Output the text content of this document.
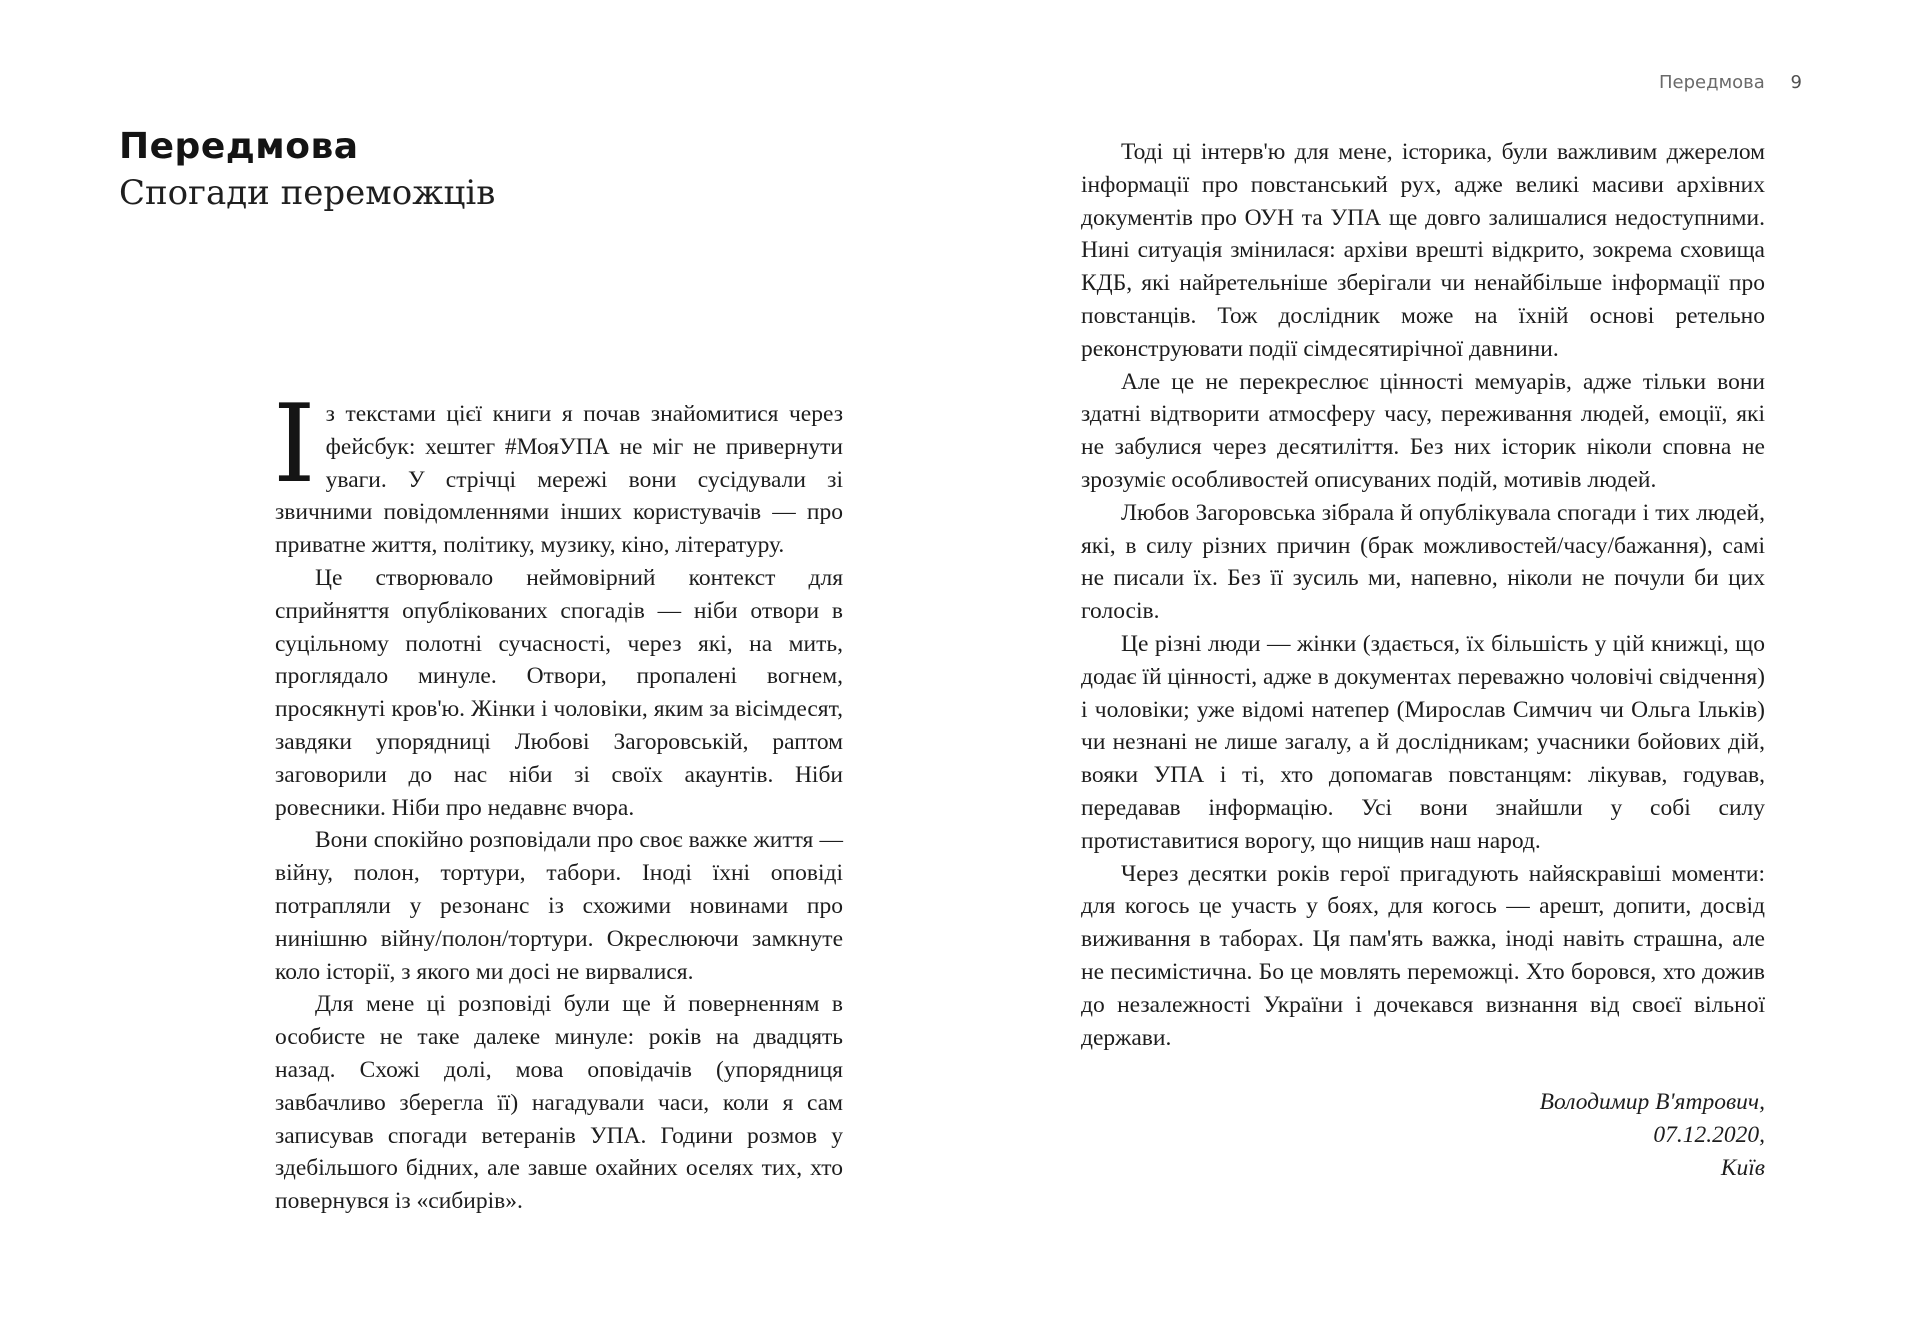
Передмова
Спогади переможців

Із текстами цієї книги я почав знайомитися через фейсбук: хештег #МояУПА не міг не привернути уваги. У стрічці мережі вони сусідували зі звичними повідомленнями інших користувачів — про приватне життя, політику, музику, кіно, літературу.

Це створювало неймовірний контекст для сприйняття опублікованих спогадів — ніби отвори в суцільному полотні сучасності, через які, на мить, проглядало минуле. Отвори, пропалені вогнем, просякнуті кров'ю. Жінки і чоловіки, яким за вісімдесят, завдяки упорядниці Любові Загоровській, раптом заговорили до нас ніби зі своїх акаунтів. Ніби ровесники. Ніби про недавнє вчора.

Вони спокійно розповідали про своє важке життя — війну, полон, тортури, табори. Іноді їхні оповіді потрапляли у резонанс із схожими новинами про нинішню війну/полон/тортури. Окреслюючи замкнуте коло історії, з якого ми досі не вирвалися.

Для мене ці розповіді були ще й поверненням в особисте не таке далеке минуле: років на двадцять назад. Схожі долі, мова оповідачів (упорядниця завбачливо зберегла її) нагадували часи, коли я сам записував спогади ветеранів УПА. Години розмов у здебільшого бідних, але завше охайних оселях тих, хто повернувся із «сибирів».

Передмова 9

Тоді ці інтерв'ю для мене, історика, були важливим джерелом інформації про повстанський рух, адже великі масиви архівних документів про ОУН та УПА ще довго залишалися недоступними. Нині ситуація змінилася: архіви врешті відкрито, зокрема сховища КДБ, які найретельніше зберігали чи ненайбільше інформації про повстанців. Тож дослідник може на їхній основі ретельно реконструювати події сімдесятирічної давнини.

Але це не перекреслює цінності мемуарів, адже тільки вони здатні відтворити атмосферу часу, переживання людей, емоції, які не забулися через десятиліття. Без них історик ніколи сповна не зрозуміє особливостей описуваних подій, мотивів людей.

Любов Загоровська зібрала й опублікувала спогади і тих людей, які, в силу різних причин (брак можливостей/часу/бажання), самі не писали їх. Без її зусиль ми, напевно, ніколи не почули би цих голосів.

Це різні люди — жінки (здається, їх більшість у цій книжці, що додає їй цінності, адже в документах переважно чоловічі свідчення) і чоловіки; уже відомі натепер (Мирослав Симчич чи Ольга Ільків) чи незнані не лише загалу, а й дослідникам; учасники бойових дій, вояки УПА і ті, хто допомагав повстанцям: лікував, годував, передавав інформацію. Усі вони знайшли у собі силу протиставитися ворогу, що нищив наш народ.

Через десятки років герої пригадують найяскравіші моменти: для когось це участь у боях, для когось — арешт, допити, досвід виживання в таборах. Ця пам'ять важка, іноді навіть страшна, але не песимістична. Бо це мовлять переможці. Хто боровся, хто дожив до незалежності України і дочекався визнання від своєї вільної держави.

Володимир В'ятрович,
07.12.2020,
Київ
